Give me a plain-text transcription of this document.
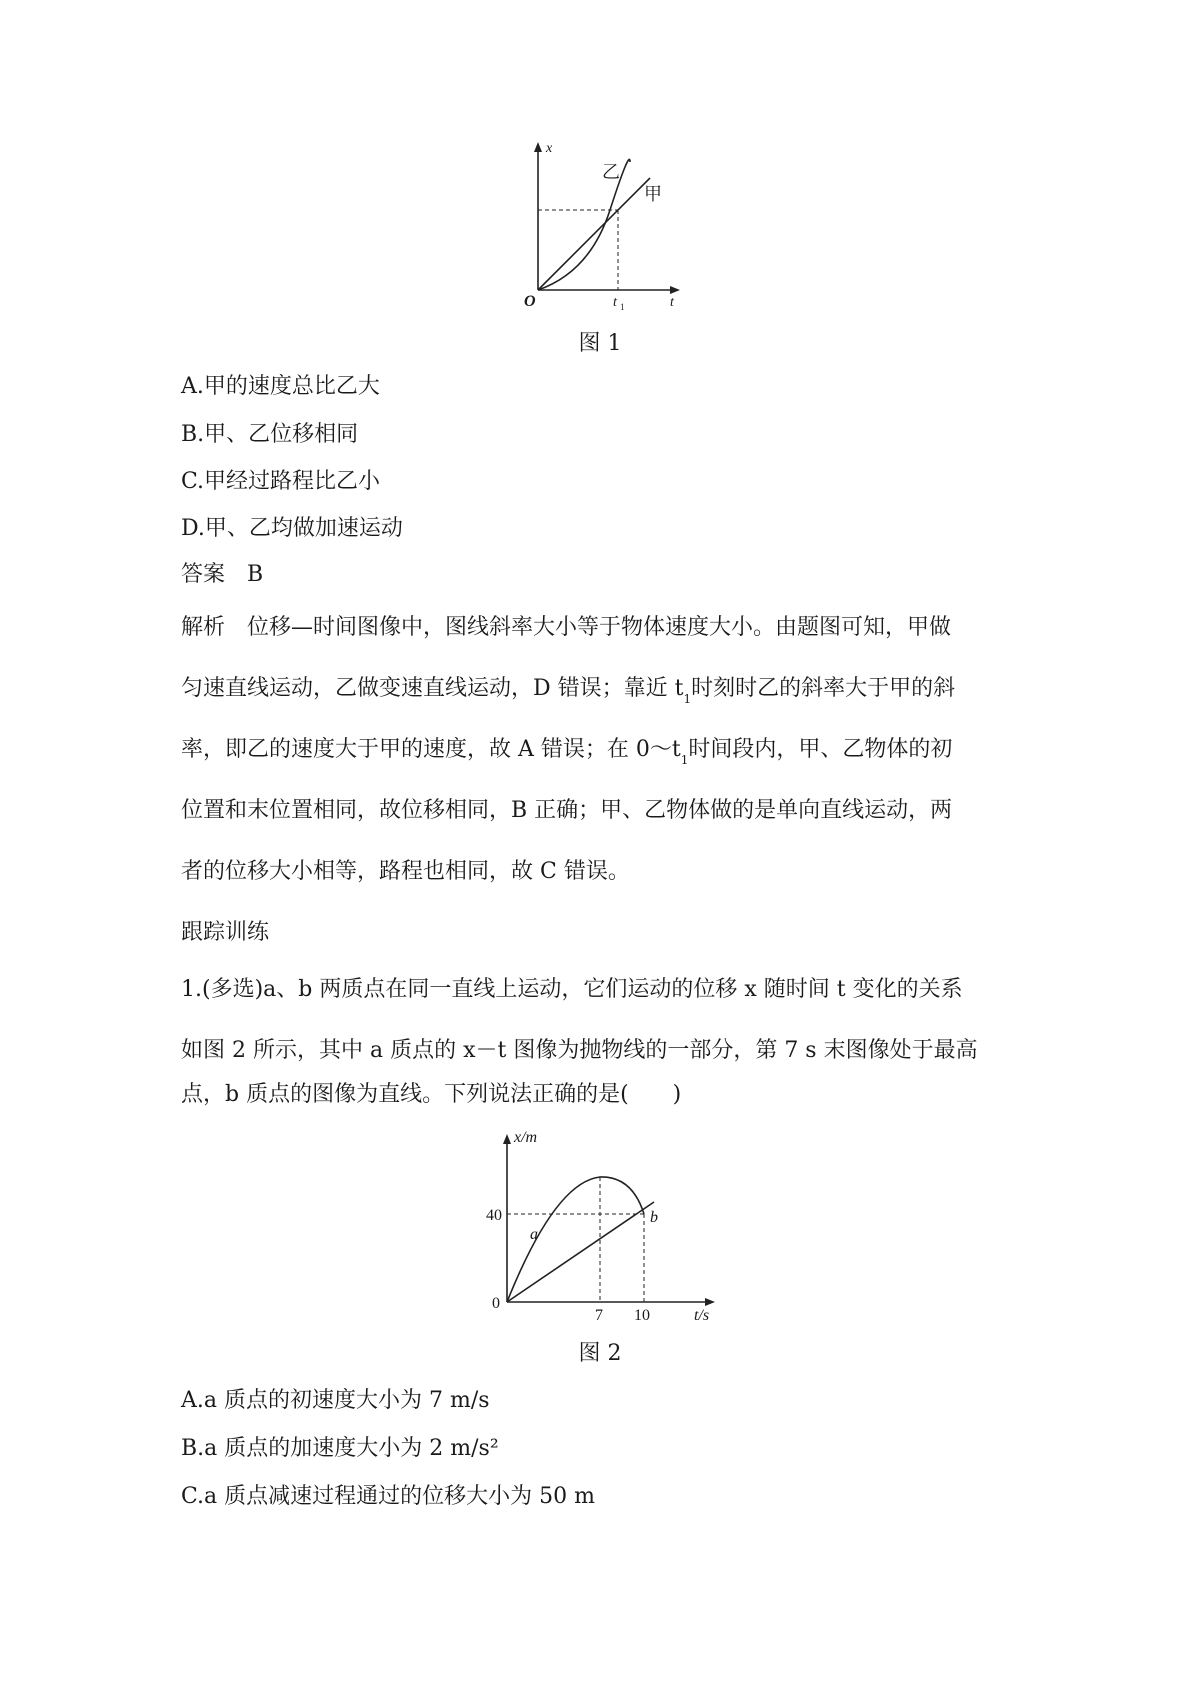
x
t
O	t 1
乙
甲
图 1
A.甲的速度总比乙大
B.甲、乙位移相同
C.甲经过路程比乙小
D.甲、乙均做加速运动
答案　B
解析　 位移—时间图像中，图线斜率大小等于物体速度大小。由题图可知，甲做
匀速直线运动，乙做变速直线运动，D 错误；靠近 $t_1$时刻时乙的斜率大于甲的斜
率，即乙的速度大于甲的速度，故 A 错误；在 $0\sim t_1$时间段内，甲、乙物体的初
位置和末位置相同，故位移相同，B 正确；甲、乙物体做的是单向直线运动，两
者的位移大小相等，路程也相同，故 C 错误。
跟踪训练
1.(多选)a、b 两质点在同一直线上运动，它们运动的位移 x 随时间 t 变化的关系
如图 2 所示，其中 a 质点的 x－t 图像为抛物线的一部分，第 7 s 末图像处于最高
点，b 质点的图像为直线。下列说法正确的是(　　)
x/m
t/s
0
40
7 10
a
b
图 2
A.a 质点的初速度大小为 7 m/s
B.a 质点的加速度大小为 2 m/s²
C.a 质点减速过程通过的位移大小为 50 m
